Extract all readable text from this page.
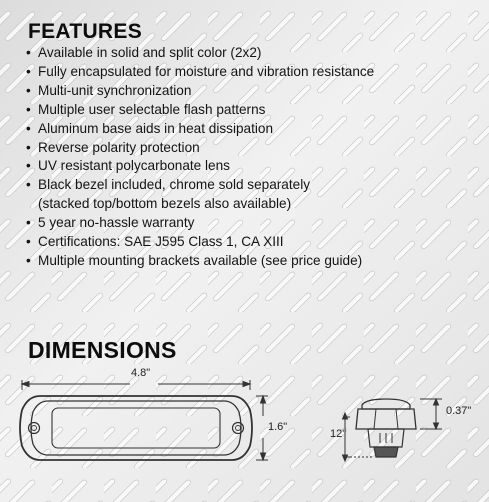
FEATURES
• Available in solid and split color (2x2)
• Fully encapsulated for moisture and vibration resistance
• Multi-unit synchronization
• Multiple user selectable flash patterns
• Aluminum base aids in heat dissipation
• Reverse polarity protection
• UV resistant polycarbonate lens
• Black bezel included, chrome sold separately
(stacked top/bottom bezels also available)
• 5 year no-hassle warranty
• Certifications: SAE J595 Class 1, CA XIII
• Multiple mounting brackets available (see price guide)
DIMENSIONS
4.8"
1.6"
0.37"
12"
